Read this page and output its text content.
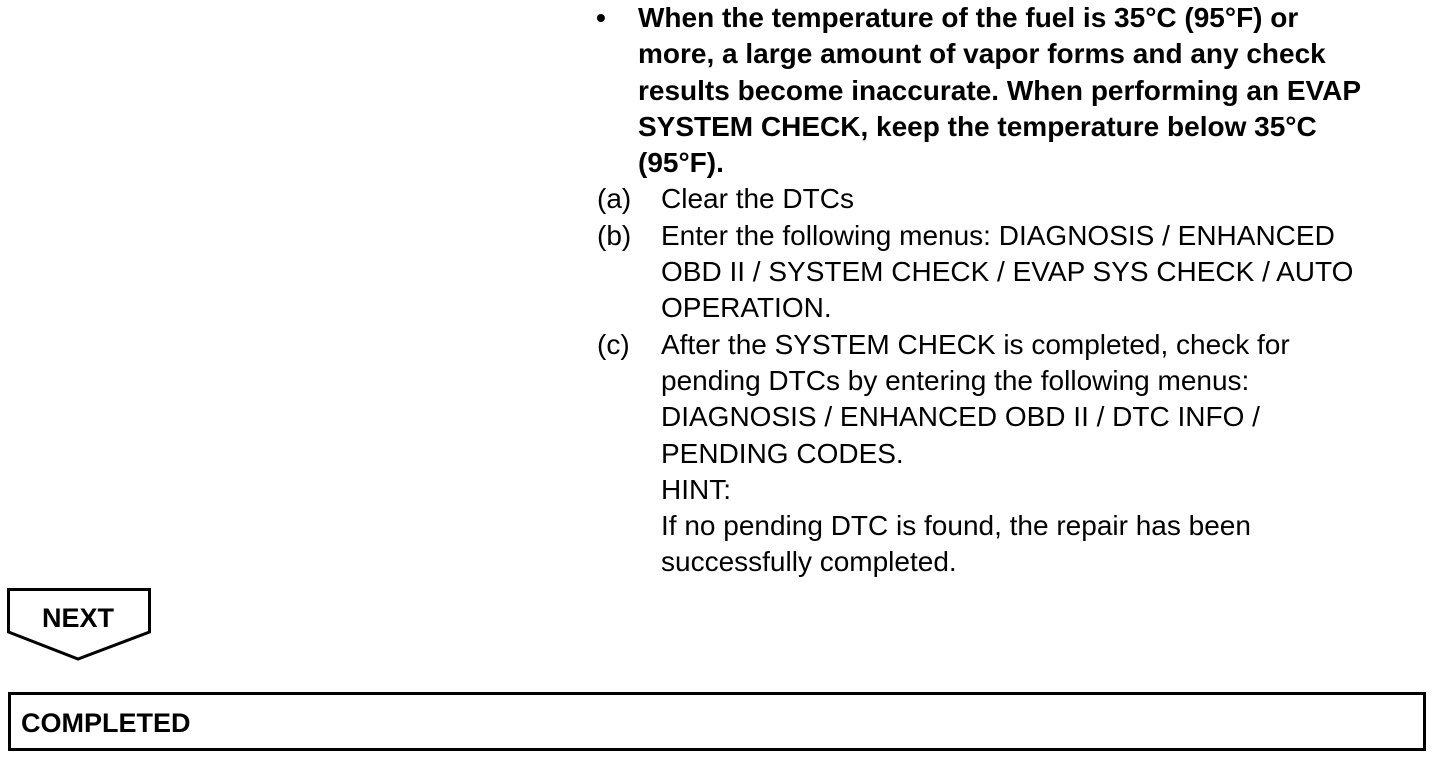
• When the temperature of the fuel is 35°C (95°F) or
more, a large amount of vapor forms and any check
results become inaccurate. When performing an EVAP
SYSTEM CHECK, keep the temperature below 35°C
(95°F).
(a) Clear the DTCs
(b) Enter the following menus: DIAGNOSIS / ENHANCED
OBD II / SYSTEM CHECK / EVAP SYS CHECK / AUTO
OPERATION.
(c) After the SYSTEM CHECK is completed, check for
pending DTCs by entering the following menus:
DIAGNOSIS / ENHANCED OBD II / DTC INFO /
PENDING CODES.
HINT:
If no pending DTC is found, the repair has been
successfully completed.
NEXT
COMPLETED
